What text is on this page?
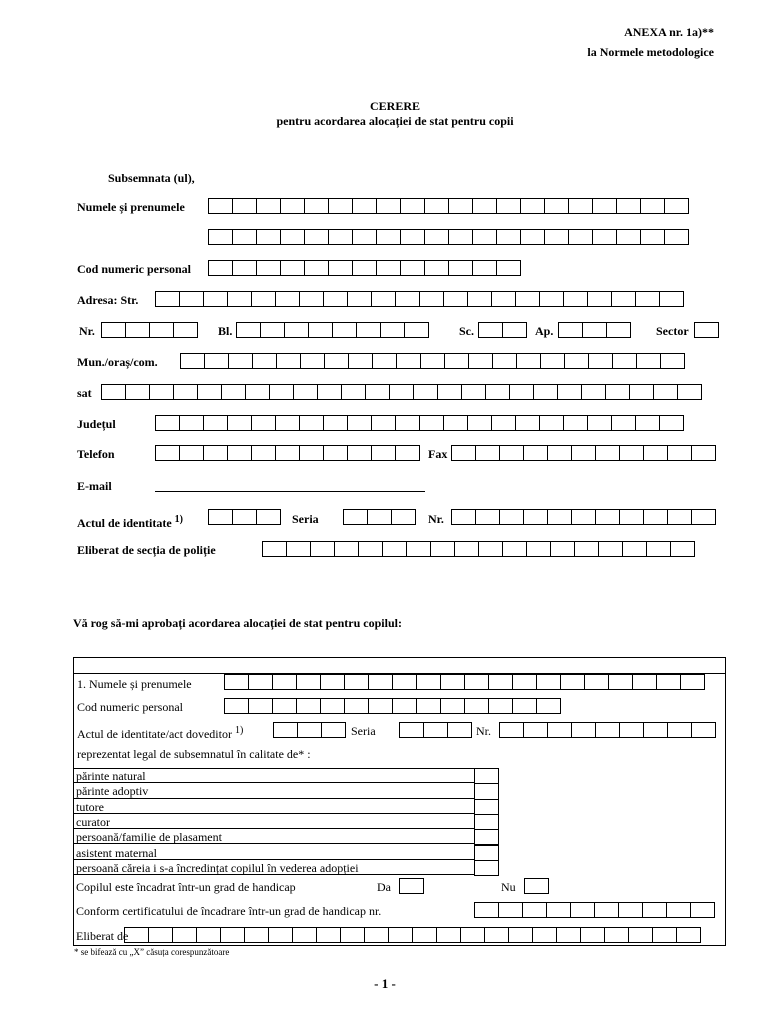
ANEXA nr. 1a)**
la Normele metodologice
CERERE
pentru acordarea alocației de stat pentru copii
Subsemnata (ul),
Numele și prenumele
Cod numeric personal
Adresa: Str.
Nr.	Bl.	Sc.	Ap.	Sector
Mun./oraș/com.
sat
Județul
Telefon	Fax
E-mail
Actul de identitate $^{1)}$	Seria	Nr.
Eliberat de secția de poliție
Vă rog să-mi aprobați acordarea alocației de stat pentru copilul:
1. Numele și prenumele
Cod numeric personal
Actul de identitate/act doveditor $^{1)}$	Seria	Nr.
reprezentat legal de subsemnatul în calitate de* :
părinte natural
părinte adoptiv
tutore
curator
persoană/familie de plasament
asistent maternal
persoană căreia i s-a încredințat copilul în vederea adopției
Copilul este încadrat într-un grad de handicap	Da	Nu
Conform certificatului de încadrare într-un grad de handicap nr.
Eliberat de
* se bifează cu „X” căsuța corespunzătoare
- 1 -
